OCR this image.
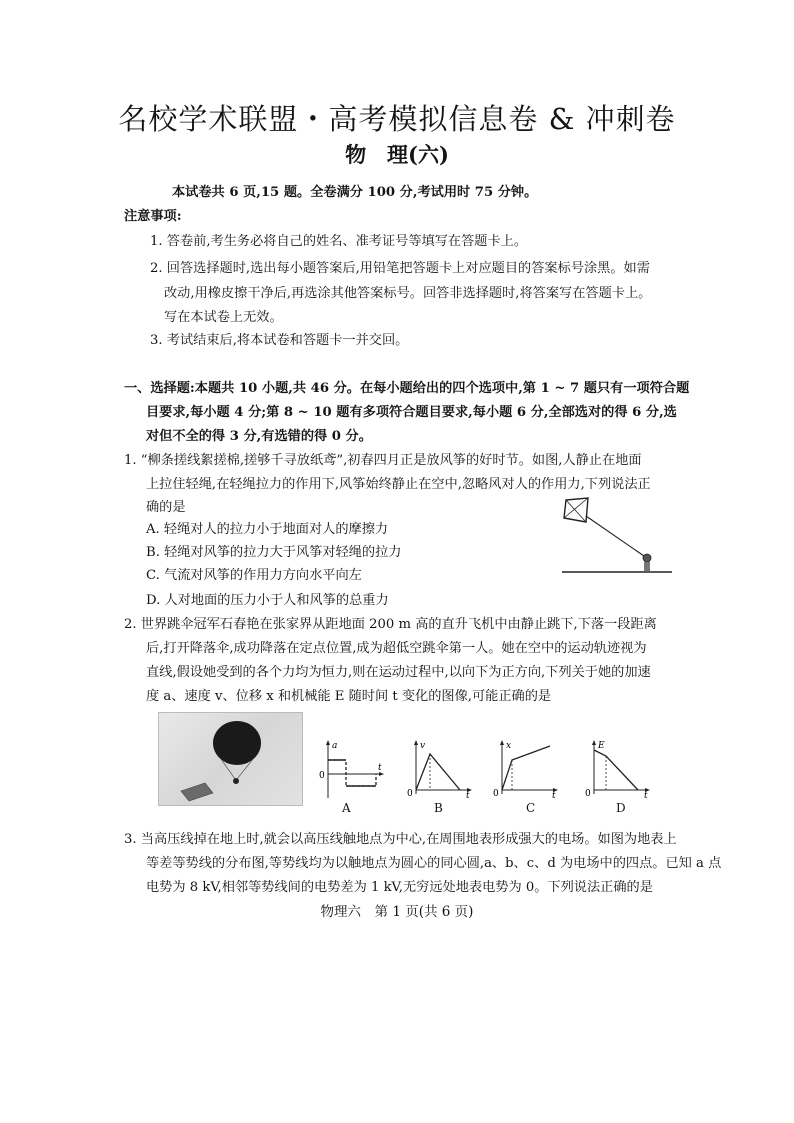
名校学术联盟・高考模拟信息卷 & 冲刺卷
物　理(六)
本试卷共 6 页,15 题。全卷满分 100 分,考试用时 75 分钟。
注意事项:
1. 答卷前,考生务必将自己的姓名、准考证号等填写在答题卡上。
2. 回答选择题时,选出每小题答案后,用铅笔把答题卡上对应题目的答案标号涂黑。如需
改动,用橡皮擦干净后,再选涂其他答案标号。回答非选择题时,将答案写在答题卡上。
写在本试卷上无效。
3. 考试结束后,将本试卷和答题卡一并交回。
一、选择题:本题共 10 小题,共 46 分。在每小题给出的四个选项中,第 1 ~ 7 题只有一项符合题
目要求,每小题 4 分;第 8 ~ 10 题有多项符合题目要求,每小题 6 分,全部选对的得 6 分,选
对但不全的得 3 分,有选错的得 0 分。
1. “柳条搓线絮搓棉,搓够千寻放纸鸢”,初春四月正是放风筝的好时节。如图,人静止在地面
上拉住轻绳,在轻绳拉力的作用下,风筝始终静止在空中,忽略风对人的作用力,下列说法正
确的是
A. 轻绳对人的拉力小于地面对人的摩擦力
B. 轻绳对风筝的拉力大于风筝对轻绳的拉力
C. 气流对风筝的作用力方向水平向左
D. 人对地面的压力小于人和风筝的总重力
2. 世界跳伞冠军石春艳在张家界从距地面 200 m 高的直升飞机中由静止跳下,下落一段距离
后,打开降落伞,成功降落在定点位置,成为超低空跳伞第一人。她在空中的运动轨迹视为
直线,假设她受到的各个力均为恒力,则在运动过程中,以向下为正方向,下列关于她的加速
度 a、速度 v、位移 x 和机械能 E 随时间 t 变化的图像,可能正确的是
a
0
t
A
v
0	t
B
x
0	t
C
E
0	t
D
3. 当高压线掉在地上时,就会以高压线触地点为中心,在周围地表形成强大的电场。如图为地表上
等差等势线的分布图,等势线均为以触地点为圆心的同心圆,a、b、c、d 为电场中的四点。已知 a 点
电势为 8 kV,相邻等势线间的电势差为 1 kV,无穷远处地表电势为 0。下列说法正确的是
物理六　第 1 页(共 6 页)
